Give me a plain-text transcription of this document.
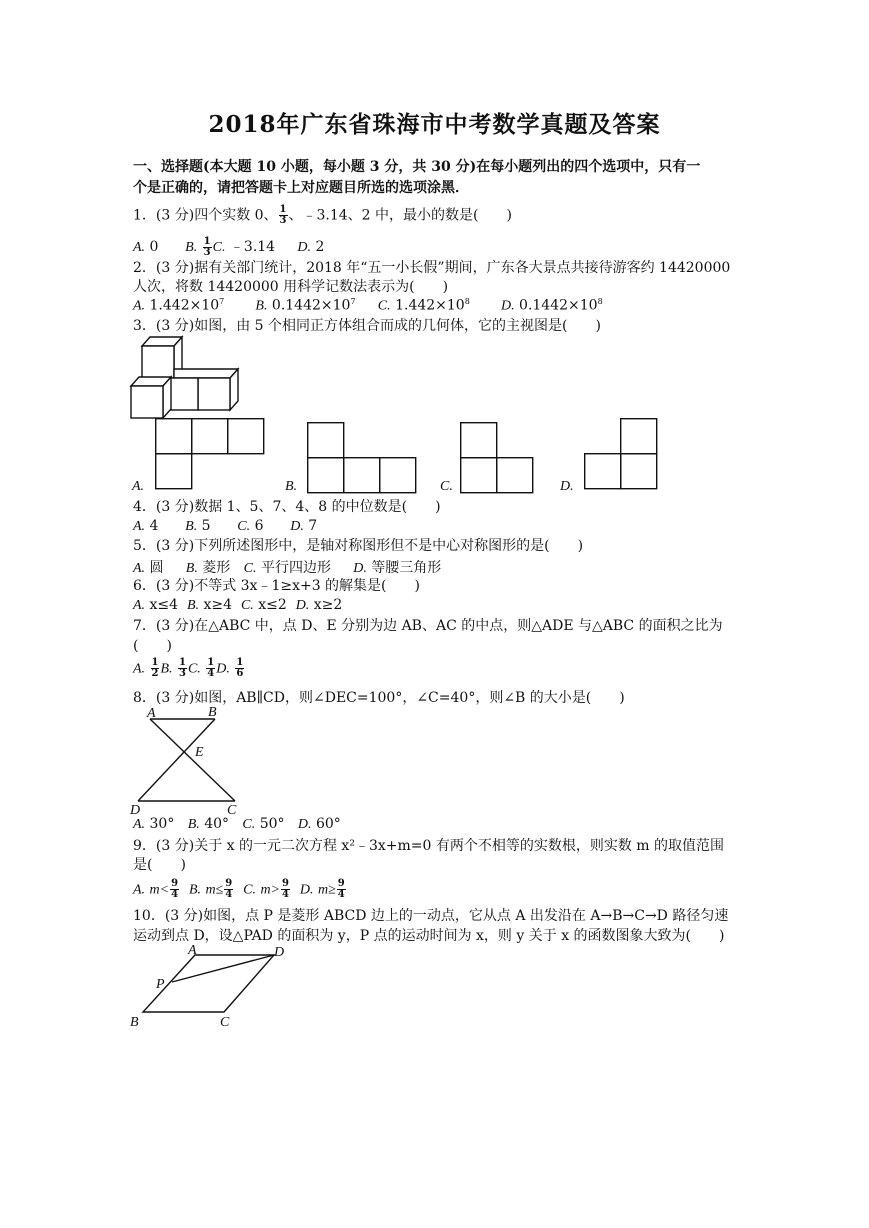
2018年广东省珠海市中考数学真题及答案
一、选择题(本大题 10 小题，每小题 3 分，共 30 分)在每小题列出的四个选项中，只有一
个是正确的，请把答题卡上对应题目所选的选项涂黑．
1．(3 分)四个实数 0、 $\frac{1}{3}$ 、﹣3.14、2 中，最小的数是(　　)
A. 0 B. $\frac{1}{3} C$. ﹣3.14 D. 2
2．(3 分)据有关部门统计，2018 年“五一小长假”期间，广东各大景点共接待游客约 14420000
人次，将数 14420000 用科学记数法表示为(　　)
A. $1.442\times 10^7$ B. $0.1442\times 10^7$ C. $1.442\times 10^8$ D. $0.1442\times 10^8$
3．(3 分)如图，由 5 个相同正方体组合而成的几何体，它的主视图是(　　)
A.	B.	C.	D.
4．(3 分)数据 1、5、7、4、8 的中位数是(　　)
A. 4 B. 5 C. 6 D. 7
5．(3 分)下列所述图形中，是轴对称图形但不是中心对称图形的是(　　)
A. 圆 B. 菱形 C. 平行四边形 D. 等腰三角形
6．(3 分)不等式 3x﹣1≥x+3 的解集是(　　)
A. x≤4 B. x≥4 C. x≤2 D. x≥2
7．(3 分)在△ABC 中，点 D、E 分别为边 AB、AC 的中点，则△ADE 与△ABC 的面积之比为
(　　)
A. $\frac{1}{2} B$. $\frac{1}{3} C$. $\frac{1}{4} D$. $\frac{1}{6}$
8．(3 分)如图，AB∥CD，则∠DEC=100°，∠C=40°，则∠B 的大小是(　　)
A	B
E
D	C
A. 30° B. 40° C. 50° D. 60°
9．(3 分)关于 x 的一元二次方程 x²﹣3x+m=0 有两个不相等的实数根，则实数 m 的取值范围
是(　　)
A. $m< \frac{9}{4} B$. $m\le \frac{9}{4} C$. $m> \frac{9}{4} D$. $m\ge \frac{9}{4}$
10．(3 分)如图，点 P 是菱形 ABCD 边上的一动点，它从点 A 出发沿在 A→B→C→D 路径匀速
运动到点 D，设△PAD 的面积为 y，P 点的运动时间为 x，则 y 关于 x 的函数图象大致为(　　)
A	D
P
B	C
